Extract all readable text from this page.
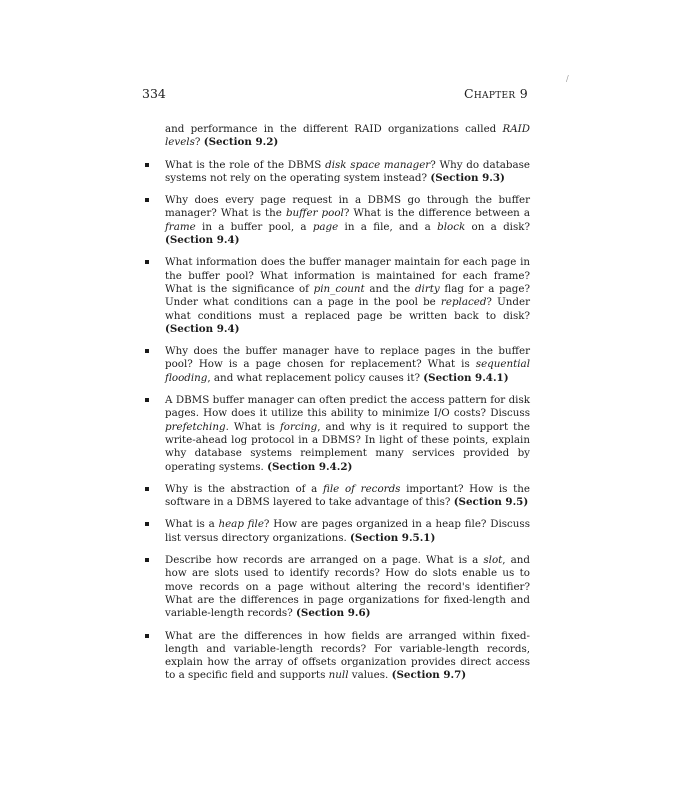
334	Chapter 9
/

and performance in the different RAID organizations called RAID levels? (Section 9.2)

What is the role of the DBMS disk space manager? Why do database systems not rely on the operating system instead? (Section 9.3)
Why does every page request in a DBMS go through the buffer manager? What is the buffer pool? What is the difference between a frame in a buffer pool, a page in a file, and a block on a disk? (Section 9.4)
What information does the buffer manager maintain for each page in the buffer pool? What information is maintained for each frame? What is the significance of pin_count and the dirty flag for a page? Under what conditions can a page in the pool be replaced? Under what conditions must a replaced page be written back to disk? (Section 9.4)
Why does the buffer manager have to replace pages in the buffer pool? How is a page chosen for replacement? What is sequential flooding, and what replacement policy causes it? (Section 9.4.1)
A DBMS buffer manager can often predict the access pattern for disk pages. How does it utilize this ability to minimize I/O costs? Discuss prefetching. What is forcing, and why is it required to support the write-ahead log protocol in a DBMS? In light of these points, explain why database systems reimplement many services provided by operating systems. (Section 9.4.2)
Why is the abstraction of a file of records important? How is the software in a DBMS layered to take advantage of this? (Section 9.5)
What is a heap file? How are pages organized in a heap file? Discuss list versus directory organizations. (Section 9.5.1)
Describe how records are arranged on a page. What is a slot, and how are slots used to identify records? How do slots enable us to move records on a page without altering the record's identifier? What are the differences in page organizations for fixed-length and variable-length records? (Section 9.6)
What are the differences in how fields are arranged within fixed-length and variable-length records? For variable-length records, explain how the array of offsets organization provides direct access to a specific field and supports null values. (Section 9.7)
